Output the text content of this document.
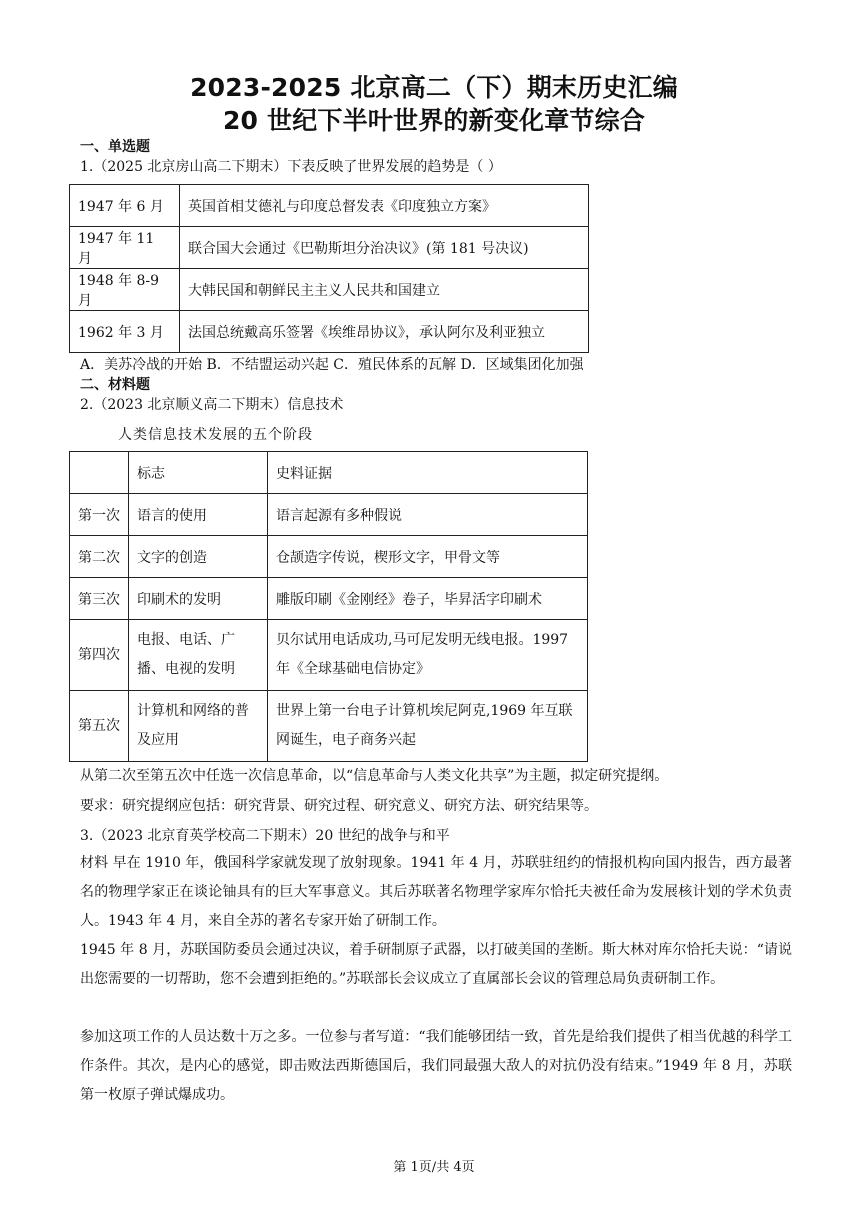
2023-2025 北京高二（下）期末历史汇编
20 世纪下半叶世界的新变化章节综合
一、单选题
1.（2025 北京房山高二下期末）下表反映了世界发展的趋势是（ ）
1947 年 6 月	英国首相艾德礼与印度总督发表《印度独立方案》
1947 年 11 月	联合国大会通过《巴勒斯坦分治决议》(第 181 号决议)
1948 年 8-9 月	大韩民国和朝鲜民主主义人民共和国建立
1962 年 3 月	法国总统戴高乐签署《埃维昂协议》，承认阿尔及利亚独立
A．美苏冷战的开始 B．不结盟运动兴起 C．殖民体系的瓦解 D．区域集团化加强
二、材料题
2.（2023 北京顺义高二下期末）信息技术
人类信息技术发展的五个阶段
	标志	史料证据
第一次	语言的使用	语言起源有多种假说
第二次	文字的创造	仓颉造字传说，楔形文字，甲骨文等
第三次	印刷术的发明	雕版印刷《金刚经》卷子，毕昇活字印刷术
第四次	电报、电话、广播、电视的发明	贝尔试用电话成功,马可尼发明无线电报。1997 年《全球基础电信协定》
第五次	计算机和网络的普及应用	世界上第一台电子计算机埃尼阿克,1969 年互联网诞生，电子商务兴起
从第二次至第五次中任选一次信息革命，以“信息革命与人类文化共享”为主题，拟定研究提纲。
要求：研究提纲应包括：研究背景、研究过程、研究意义、研究方法、研究结果等。
3.（2023 北京育英学校高二下期末）20 世纪的战争与和平
材料 早在 1910 年，俄国科学家就发现了放射现象。1941 年 4 月，苏联驻纽约的情报机构向国内报告，西方最著名的物理学家正在谈论铀具有的巨大军事意义。其后苏联著名物理学家库尔恰托夫被任命为发展核计划的学术负责人。1943 年 4 月，来自全苏的著名专家开始了研制工作。
1945 年 8 月，苏联国防委员会通过决议，着手研制原子武器，以打破美国的垄断。斯大林对库尔恰托夫说：“请说出您需要的一切帮助，您不会遭到拒绝的。”苏联部长会议成立了直属部长会议的管理总局负责研制工作。
参加这项工作的人员达数十万之多。一位参与者写道：“我们能够团结一致，首先是给我们提供了相当优越的科学工作条件。其次，是内心的感觉，即击败法西斯德国后，我们同最强大敌人的对抗仍没有结束。”1949 年 8 月，苏联第一枚原子弹试爆成功。
第 1页/共 4页
